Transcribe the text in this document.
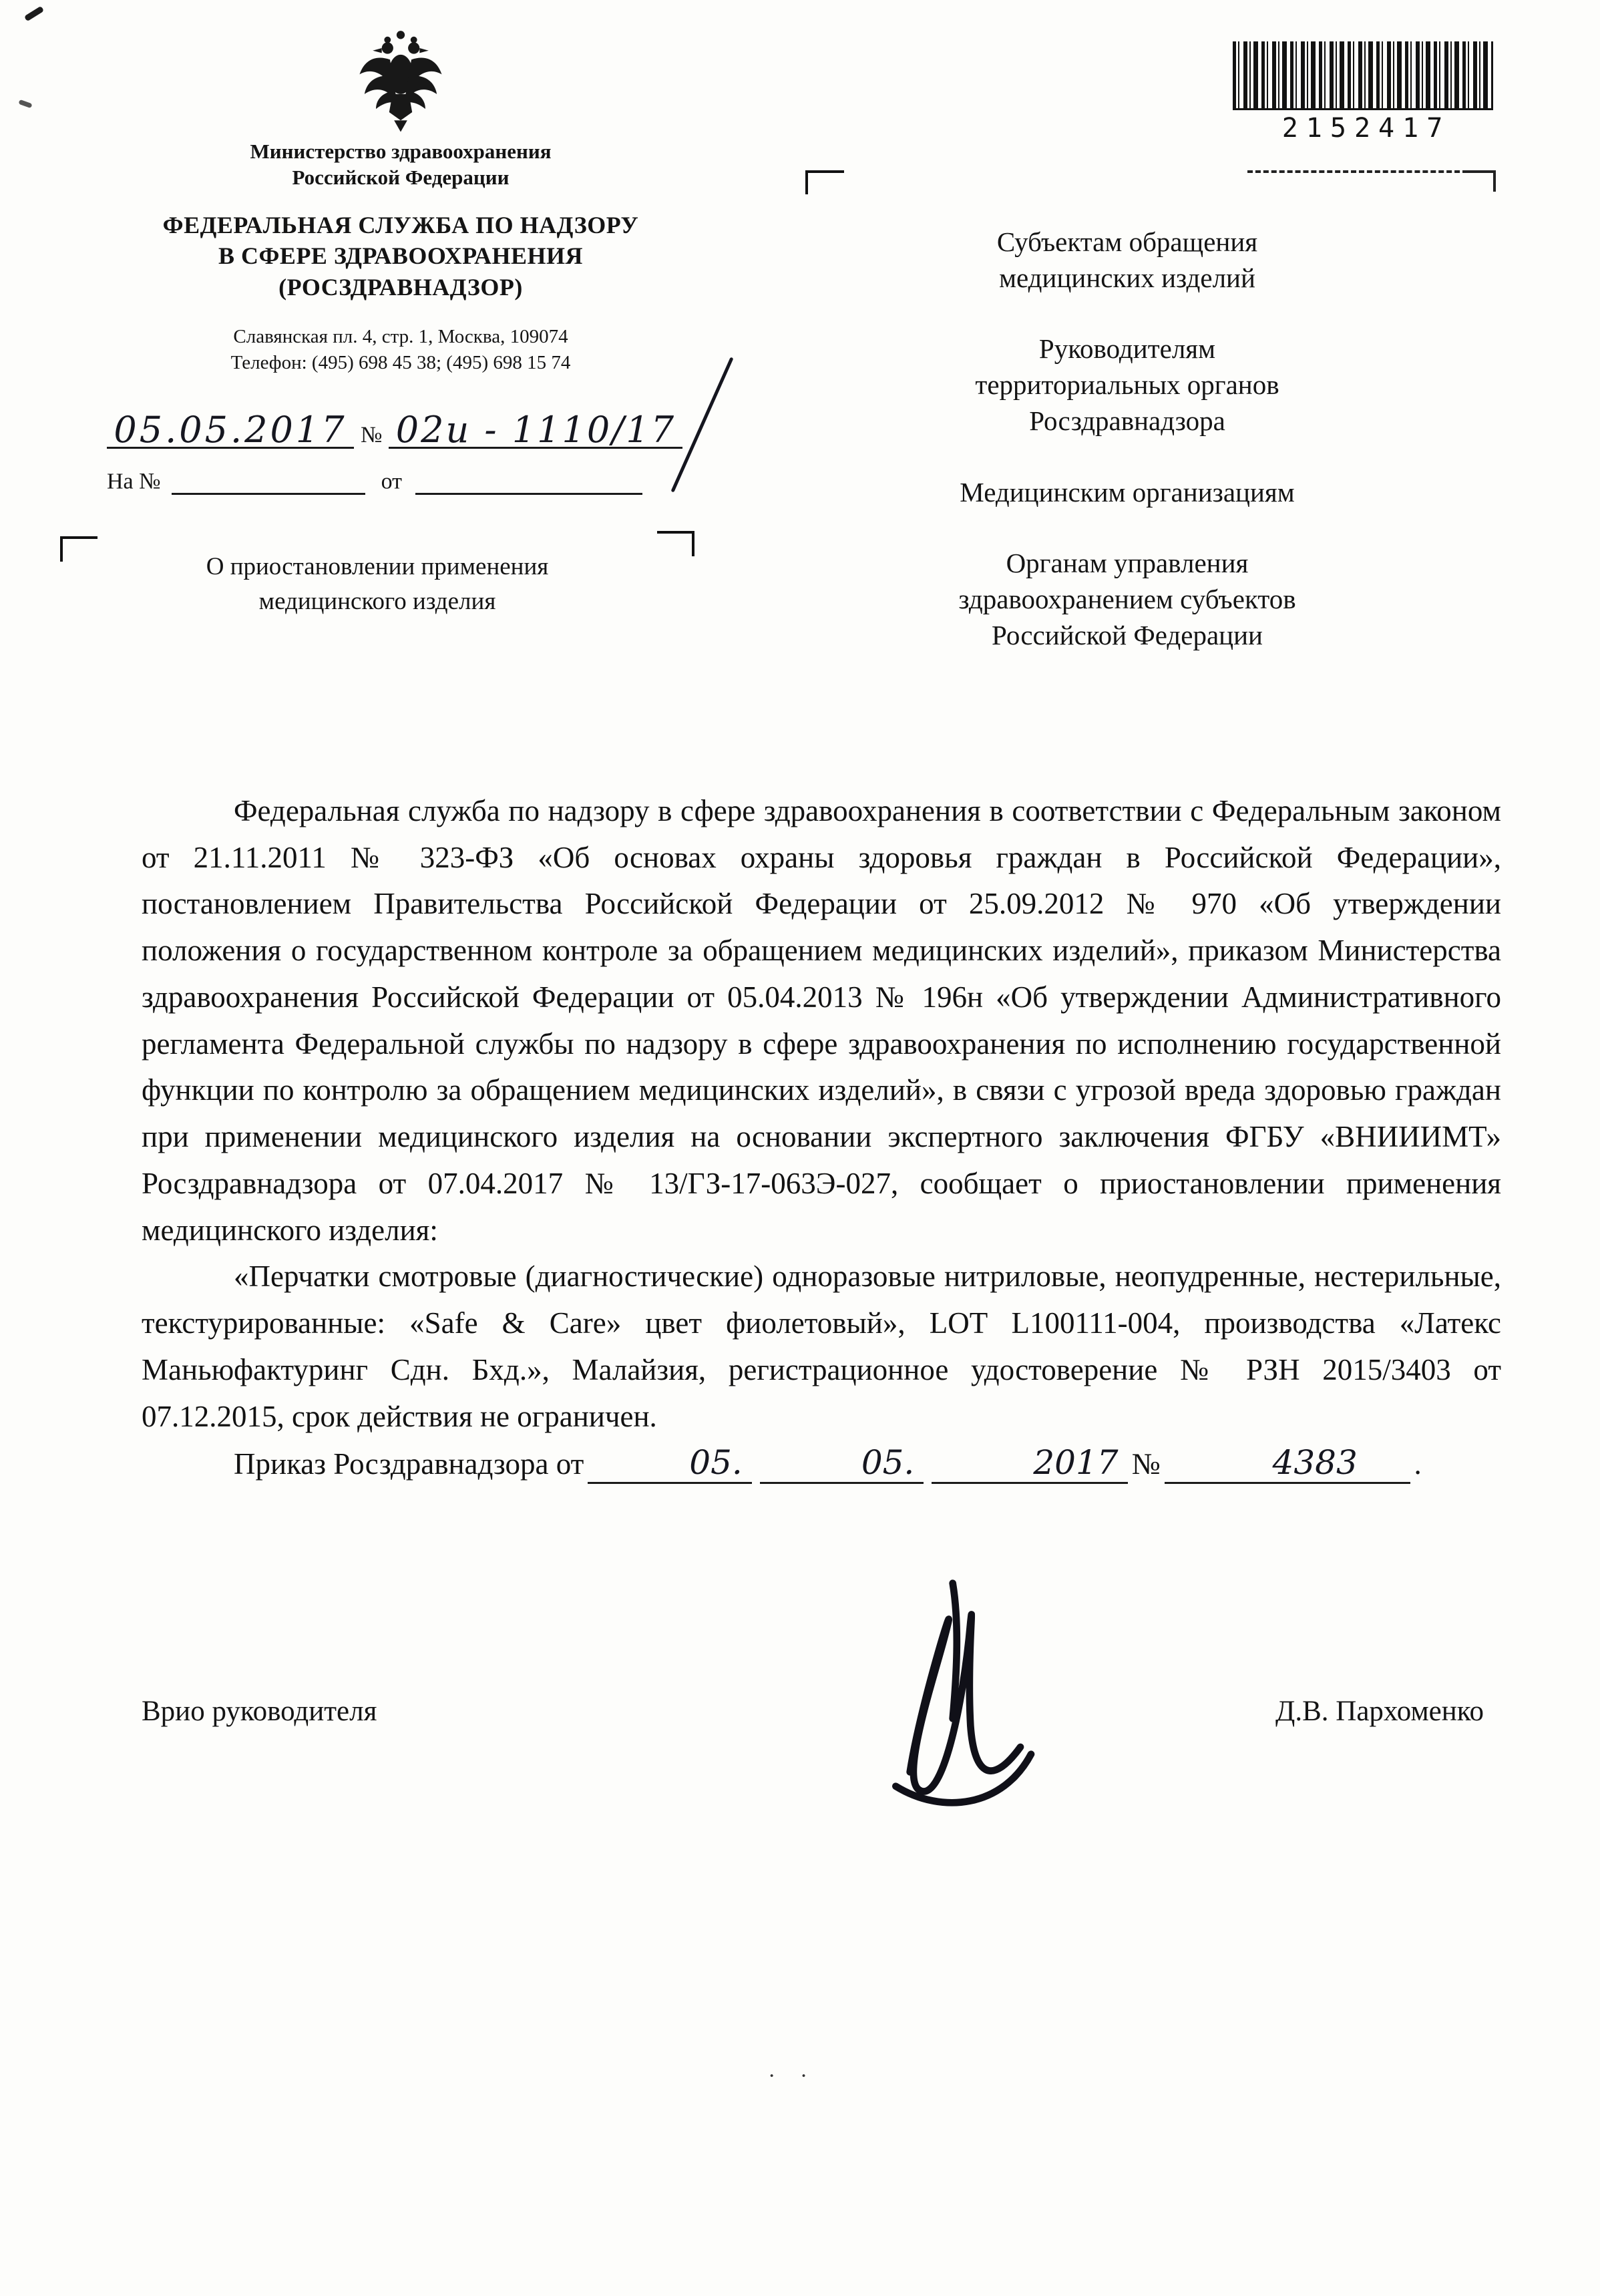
Министерство здравоохранения
Российской Федерации
ФЕДЕРАЛЬНАЯ СЛУЖБА ПО НАДЗОРУ
В СФЕРЕ ЗДРАВООХРАНЕНИЯ
(РОСЗДРАВНАДЗОР)
Славянская пл. 4, стр. 1, Москва, 109074
Телефон: (495) 698 45 38; (495) 698 15 74
05.05.2017 № 02и - 1110/17
На №	от
О приостановлении применения
медицинского изделия
2152417
Субъектам обращения
медицинских изделий
Руководителям
территориальных органов
Росздравнадзора
Медицинским организациям
Органам управления
здравоохранением субъектов
Российской Федерации

Федеральная служба по надзору в сфере здравоохранения в соответствии с Федеральным законом от 21.11.2011 № 323-ФЗ «Об основах охраны здоровья граждан в Российской Федерации», постановлением Правительства Российской Федерации от 25.09.2012 № 970 «Об утверждении положения о государственном контроле за обращением медицинских изделий», приказом Министерства здравоохранения Российской Федерации от 05.04.2013 № 196н «Об утверждении Административного регламента Федеральной службы по надзору в сфере здравоохранения по исполнению государственной функции по контролю за обращением медицинских изделий», в связи с угрозой вреда здоровью граждан при применении медицинского изделия на основании экспертного заключения ФГБУ «ВНИИИМТ» Росздравнадзора от 07.04.2017 № 13/ГЗ-17-063Э-027, сообщает о приостановлении применения медицинского изделия:

«Перчатки смотровые (диагностические) одноразовые нитриловые, неопудренные, нестерильные, текстурированные: «Safe & Care» цвет фиолетовый», LOT L100111-004, производства «Латекс Маньюфактуринг Сдн. Бхд.», Малайзия, регистрационное удостоверение № РЗН 2015/3403 от 07.12.2015, срок действия не ограничен.

Приказ Росздравнадзора от	05.	05.	2017 №	4383 .

Врио руководителя	Д.В. Пархоменко
· ·
